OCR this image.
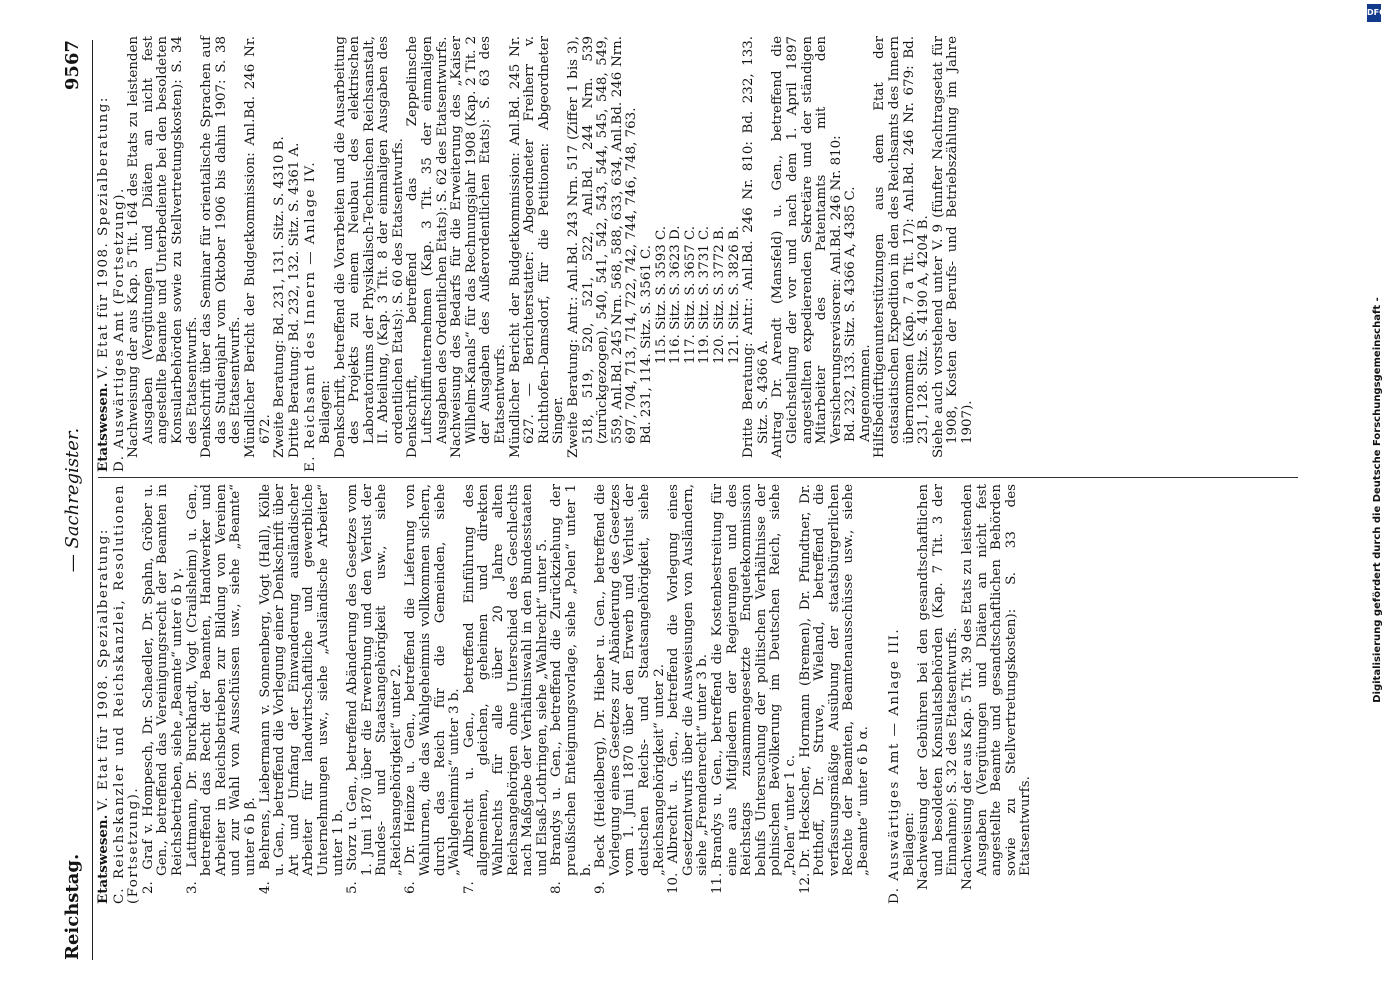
Reichstag.
— Sachregister.
9567
Etatswesen. V. Etat für 1908. Spezialberatung: C. Reichskanzler und Reichskanzlei, Resolutionen (Fortsetzung). 2. Graf v. Hompesch, Dr. Schaedler, Dr. Spahn, Gröber u. Gen., betreffend das Vereinigungsrecht der Beamten in Reichsbetrieben, siehe „Beamte“ unter 6 b γ.
3. Lattmann, Dr. Burckhardt, Vogt (Crailsheim) u. Gen., betreffend das Recht der Beamten, Handwerker und Arbeiter in Reichsbetrieben zur Bildung von Vereinen und zur Wahl von Ausschüssen usw., siehe „Beamte“ unter 6 b β.
4. Behrens, Liebermann v. Sonnenberg, Vogt (Hall), Kölle u. Gen., betreffend die Vorlegung einer Denkschrift über Art und Umfang der Einwanderung ausländischer Arbeiter für landwirtschaftliche und gewerbliche Unternehmungen usw., siehe „Ausländische Arbeiter“ unter 1 b.
5. Storz u. Gen., betreffend Abänderung des Gesetzes vom 1. Juni 1870 über die Erwerbung und den Verlust der Bundes- und Staatsangehörigkeit usw., siehe „Reichsangehörigkeit“ unter 2.
6. Dr. Heinze u. Gen., betreffend die Lieferung von Wahlurnen, die das Wahlgeheimnis vollkommen sichern, durch das Reich für die Gemeinden, siehe „Wahlgeheimnis“ unter 3 b.
7. Albrecht u. Gen., betreffend Einführung des allgemeinen, gleichen, geheimen und direkten Wahlrechts für alle über 20 Jahre alten Reichsangehörigen ohne Unterschied des Geschlechts nach Maßgabe der Verhältniswahl in den Bundesstaaten und Elsaß-Lothringen, siehe „Wahlrecht“ unter 5.
8. Brandys u. Gen., betreffend die Zurückziehung der preußischen Enteignungsvorlage, siehe „Polen“ unter 1 b.
9. Beck (Heidelberg), Dr. Hieber u. Gen., betreffend die Vorlegung eines Gesetzes zur Abänderung des Gesetzes vom 1. Juni 1870 über den Erwerb und Verlust der deutschen Reichs- und Staatsangehörigkeit, siehe „Reichsangehörigkeit“ unter 2.
10. Albrecht u. Gen., betreffend die Vorlegung eines Gesetzentwurfs über die Ausweisungen von Ausländern, siehe „Fremdenrecht“ unter 3 b.
11. Brandys u. Gen., betreffend die Kostenbestreitung für eine aus Mitgliedern der Regierungen und des Reichstags zusammengesetzte Enquetekommission behufs Untersuchung der politischen Verhältnisse der polnischen Bevölkerung im Deutschen Reich, siehe „Polen“ unter 1 c.
12. Dr. Heckscher, Hormann (Bremen), Dr. Pfundtner, Dr. Potthoff, Dr. Struve, Wieland, betreffend die verfassungsmäßige Ausübung der staatsbürgerlichen Rechte der Beamten, Beamtenausschüsse usw., siehe „Beamte“ unter 6 b α. D. Auswärtiges Amt — Anlage III. Beilagen: Nachweisung der Gebühren bei den gesandtschaftlichen und besoldeten Konsulatsbehörden (Kap. 7 Tit. 3 der Einnahme): S. 32 des Etatsentwurfs. Nachweisung der aus Kap. 5 Tit. 39 des Etats zu leistenden Ausgaben (Vergütungen und Diäten an nicht fest angestellte Beamte und gesandtschaftlichen Behörden sowie zu Stellvertretungskosten): S. 33 des Etatsentwurfs.
Etatswesen. V. Etat für 1908. Spezialberatung: D. Auswärtiges Amt (Fortsetzung). Nachweisung der aus Kap. 5 Tit. 164 des Etats zu leistenden Ausgaben (Vergütungen und Diäten an nicht fest angestellte Beamte und Unterbediente bei den besoldeten Konsularbehörden sowie zu Stellvertretungskosten): S. 34 des Etatsentwurfs. Denkschrift über das Seminar für orientalische Sprachen auf das Studienjahr vom Oktober 1906 bis dahin 1907: S. 38 des Etatsentwurfs. Mündlicher Bericht der Budgetkommission: Anl.Bd. 246 Nr. 672. Zweite Beratung: Bd. 231, 131. Sitz. S. 4310 B. Dritte Beratung: Bd. 232, 132. Sitz. S. 4361 A. E. Reichsamt des Innern — Anlage IV. Beilagen: Denkschrift, betreffend die Vorarbeiten und die Ausarbeitung des Projekts zu einem Neubau des elektrischen Laboratoriums der Physikalisch-Technischen Reichsanstalt, II. Abteilung, (Kap. 3 Tit. 8 der einmaligen Ausgaben des ordentlichen Etats): S. 60 des Etatsentwurfs. Denkschrift, betreffend das Zeppelinsche Luftschiffunternehmen (Kap. 3 Tit. 35 der einmaligen Ausgaben des Ordentlichen Etats): S. 62 des Etatsentwurfs. Nachweisung des Bedarfs für die Erweiterung des „Kaiser Wilhelm-Kanals“ für das Rechnungsjahr 1908 (Kap. 2 Tit. 2 der Ausgaben des Außerordentlichen Etats): S. 63 des Etatsentwurfs. Mündlicher Bericht der Budgetkommission: Anl.Bd. 245 Nr. 627. — Berichterstatter: Abgeordneter Freiherr v. Richthofen-Damsdorf, für die Petitionen: Abgeordneter Singer. Zweite Beratung: Antr.: Anl.Bd. 243 Nrn. 517 (Ziffer 1 bis 3), 518, 519, 520, 521, 522, Anl.Bd. 244 Nrn. 539 (zurückgezogen), 540, 541, 542, 543, 544, 545, 548, 549, 559, Anl.Bd. 245 Nrn. 568, 588, 633, 634, Anl.Bd. 246 Nrn. 697, 704, 713, 714, 722, 742, 744, 746, 748, 763. Bd. 231, 114. Sitz. S. 3561 C. 115. Sitz. S. 3593 C. 116. Sitz. S. 3623 D. 117. Sitz. S. 3657 C. 119. Sitz. S. 3731 C. 120. Sitz. S. 3772 B. 121. Sitz. S. 3826 B. Dritte Beratung: Antr.: Anl.Bd. 246 Nr. 810: Bd. 232, 133. Sitz. S. 4366 A. Antrag Dr. Arendt (Mansfeld) u. Gen., betreffend die Gleichstellung der vor und nach dem 1. April 1897 angestellten expedierenden Sekretäre und der ständigen Mitarbeiter des Patentamts mit den Versicherungsrevisoren: Anl.Bd. 246 Nr. 810: Bd. 232, 133. Sitz. S. 4366 A, 4385 C. Angenommen. Hilfsbedürftigenunterstützungen aus dem Etat der ostasiatischen Expedition in den des Reichsamts des Innern übernommen (Kap. 7 a Tit. 17): Anl.Bd. 246 Nr. 679: Bd. 231, 128. Sitz. S. 4190 A, 4204 B. Siehe auch vorstehend unter V. 9 (fünfter Nachtragsetat für 1908, Kosten der Berufs- und Betriebszählung im Jahre 1907).
DFG
Digitalisierung gefördert durch die Deutsche Forschungsgemeinschaft -
